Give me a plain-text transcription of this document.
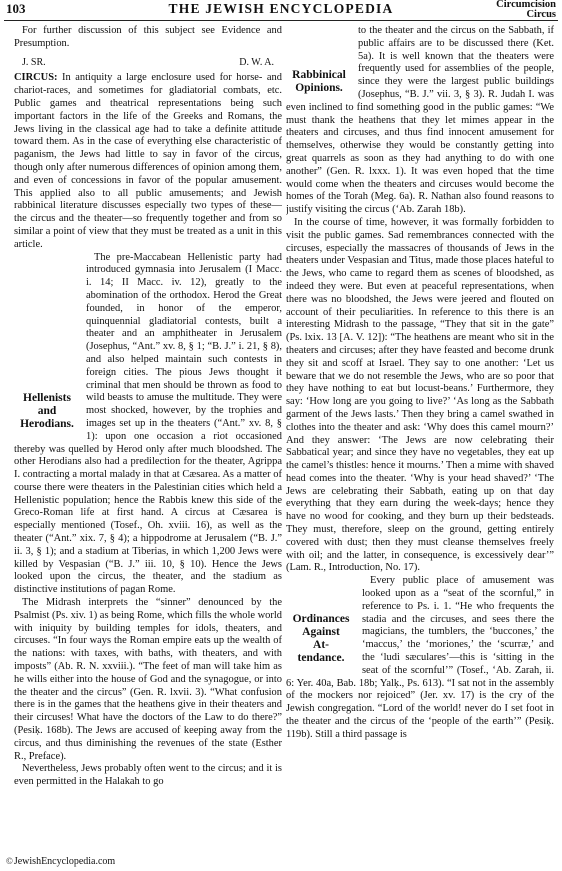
103	THE JEWISH ENCYCLOPEDIA	Circumcision
Circus

For further discussion of this subject see Evidence and Presumption.

J. SR.	D. W. A.

CIRCUS: In antiquity a large enclosure used for horse- and chariot-races, and sometimes for gladiatorial combats, etc. Public games and theatrical representations being such important factors in the life of the Greeks and Romans, the Jews living in the classical age had to take a definite attitude toward them. As in the case of everything else characteristic of paganism, the Jews had little to say in favor of the circus, though only after numerous differences of opinion among them, and even of concessions in favor of the popular amusement. This applied also to all public amusements; and Jewish rabbinical literature discusses especially two types of these—the circus and the theater—so frequently together and from so similar a point of view that they must be treated as a unit in this article.

Hellenists
and
Herodians.
The pre-Maccabean Hellenistic party had introduced gymnasia into Jerusalem (I Macc. i. 14; II Macc. iv. 12), greatly to the abomination of the orthodox. Herod the Great founded, in honor of the emperor, quinquennial gladiatorial contests, built a theater and an amphitheater in Jerusalem (Josephus, “Ant.” xv. 8, § 1; “B. J.” i. 21, § 8), and also helped maintain such contests in foreign cities. The pious Jews thought it criminal that men should be thrown as food to wild beasts to amuse the multitude. They were most shocked, however, by the trophies and images set up in the theaters (“Ant.” xv. 8, § 1): upon one occasion a riot occasioned thereby was quelled by Herod only after much bloodshed. The other Herodians also had a predilection for the theater, Agrippa I. contracting a mortal malady in that at Cæsarea. As a matter of course there were theaters in the Palestinian cities which held a Hellenistic population; hence the Rabbis knew this side of the Greco-Roman life at first hand. A circus at Cæsarea is especially mentioned (Tosef., Oh. xviii. 16), as well as the theater (“Ant.” xix. 7, § 4); a hippodrome at Jerusalem (“B. J.” ii. 3, § 1); and a stadium at Tiberias, in which 1,200 Jews were killed by Vespasian (“B. J.” iii. 10, § 10). Hence the Jews looked upon the circus, the theater, and the stadium as distinctive institutions of pagan Rome.

The Midrash interprets the “sinner” denounced by the Psalmist (Ps. xiv. 1) as being Rome, which fills the whole world with iniquity by building temples for idols, theaters, and circuses. “In four ways the Roman empire eats up the wealth of the nations: with taxes, with baths, with theaters, and with imposts” (Ab. R. N. xxviii.). “The feet of man will take him as he wills either into the house of God and the synagogue, or into the theater and the circus” (Gen. R. lxvii. 3). “What confusion there is in the games that the heathens give in their theaters and their circuses! What have the doctors of the Law to do there?” (Pesiḳ. 168b). The Jews are accused of keeping away from the circus, and thus diminishing the revenues of the state (Esther R., Preface).

Nevertheless, Jews probably often went to the circus; and it is even permitted in the Halakah to go

Rabbinical
Opinions.
to the theater and the circus on the Sabbath, if public affairs are to be discussed there (Ket. 5a). It is well known that the theaters were frequently used for assemblies of the people, since they were the largest public buildings (Josephus, “B. J.” vii. 3, § 3). R. Judah I. was even inclined to find something good in the public games: “We must thank the heathens that they let mimes appear in the theaters and circuses, and thus find innocent amusement for themselves, otherwise they would be constantly getting into great quarrels as soon as they had anything to do with one another” (Gen. R. lxxx. 1). It was even hoped that the time would come when the theaters and circuses would become the homes of the Torah (Meg. 6a). R. Nathan also found reasons to justify visiting the circus (‘Ab. Zarah 18b).

In the course of time, however, it was formally forbidden to visit the public games. Sad remembrances connected with the circuses, especially the massacres of thousands of Jews in the theaters under Vespasian and Titus, made those places hateful to the Jews, who came to regard them as scenes of bloodshed, as indeed they were. But even at peaceful representations, when there was no bloodshed, the Jews were jeered and flouted on account of their peculiarities. In reference to this there is an interesting Midrash to the passage, “They that sit in the gate” (Ps. lxix. 13 [A. V. 12]): “The heathens are meant who sit in the theaters and circuses; after they have feasted and become drunk they sit and scoff at Israel. They say to one another: ‘Let us beware that we do not resemble the Jews, who are so poor that they have nothing to eat but locust-beans.’ Furthermore, they say: ‘How long are you going to live?’ ‘As long as the Sabbath garment of the Jews lasts.’ Then they bring a camel swathed in clothes into the theater and ask: ‘Why does this camel mourn?’ And they answer: ‘The Jews are now celebrating their Sabbatical year; and since they have no vegetables, they eat up the camel’s thistles: hence it mourns.’ Then a mime with shaved head comes into the theater. ‘Why is your head shaved?’ ‘The Jews are celebrating their Sabbath, eating up on that day everything that they earn during the week-days; hence they have no wood for cooking, and they burn up their bedsteads. They must, therefore, sleep on the ground, getting entirely covered with dust; then they must cleanse themselves freely with oil; and the latter, in consequence, is excessively dear’” (Lam. R., Introduction, No. 17).

Ordinances
Against
At-
tendance.
Every public place of amusement was looked upon as a “seat of the scornful,” in reference to Ps. i. 1. “He who frequents the stadia and the circuses, and sees there the magicians, the tumblers, the ‘buccones,’ the ‘maccus,’ the ‘moriones,’ the ‘scurræ,’ and the ‘ludi sæculares’—this is ‘sitting in the seat of the scornful’” (Tosef., ‘Ab. Zarah, ii. 6: Yer. 40a, Bab. 18b; Yalḳ., Ps. 613). “I sat not in the assembly of the mockers nor rejoiced” (Jer. xv. 17) is the cry of the Jewish congregation. “Lord of the world! never do I set foot in the theater and the circus of the ‘people of the earth’” (Pesiḳ. 119b). Still a third passage is

©JewishEncyclopedia.com
